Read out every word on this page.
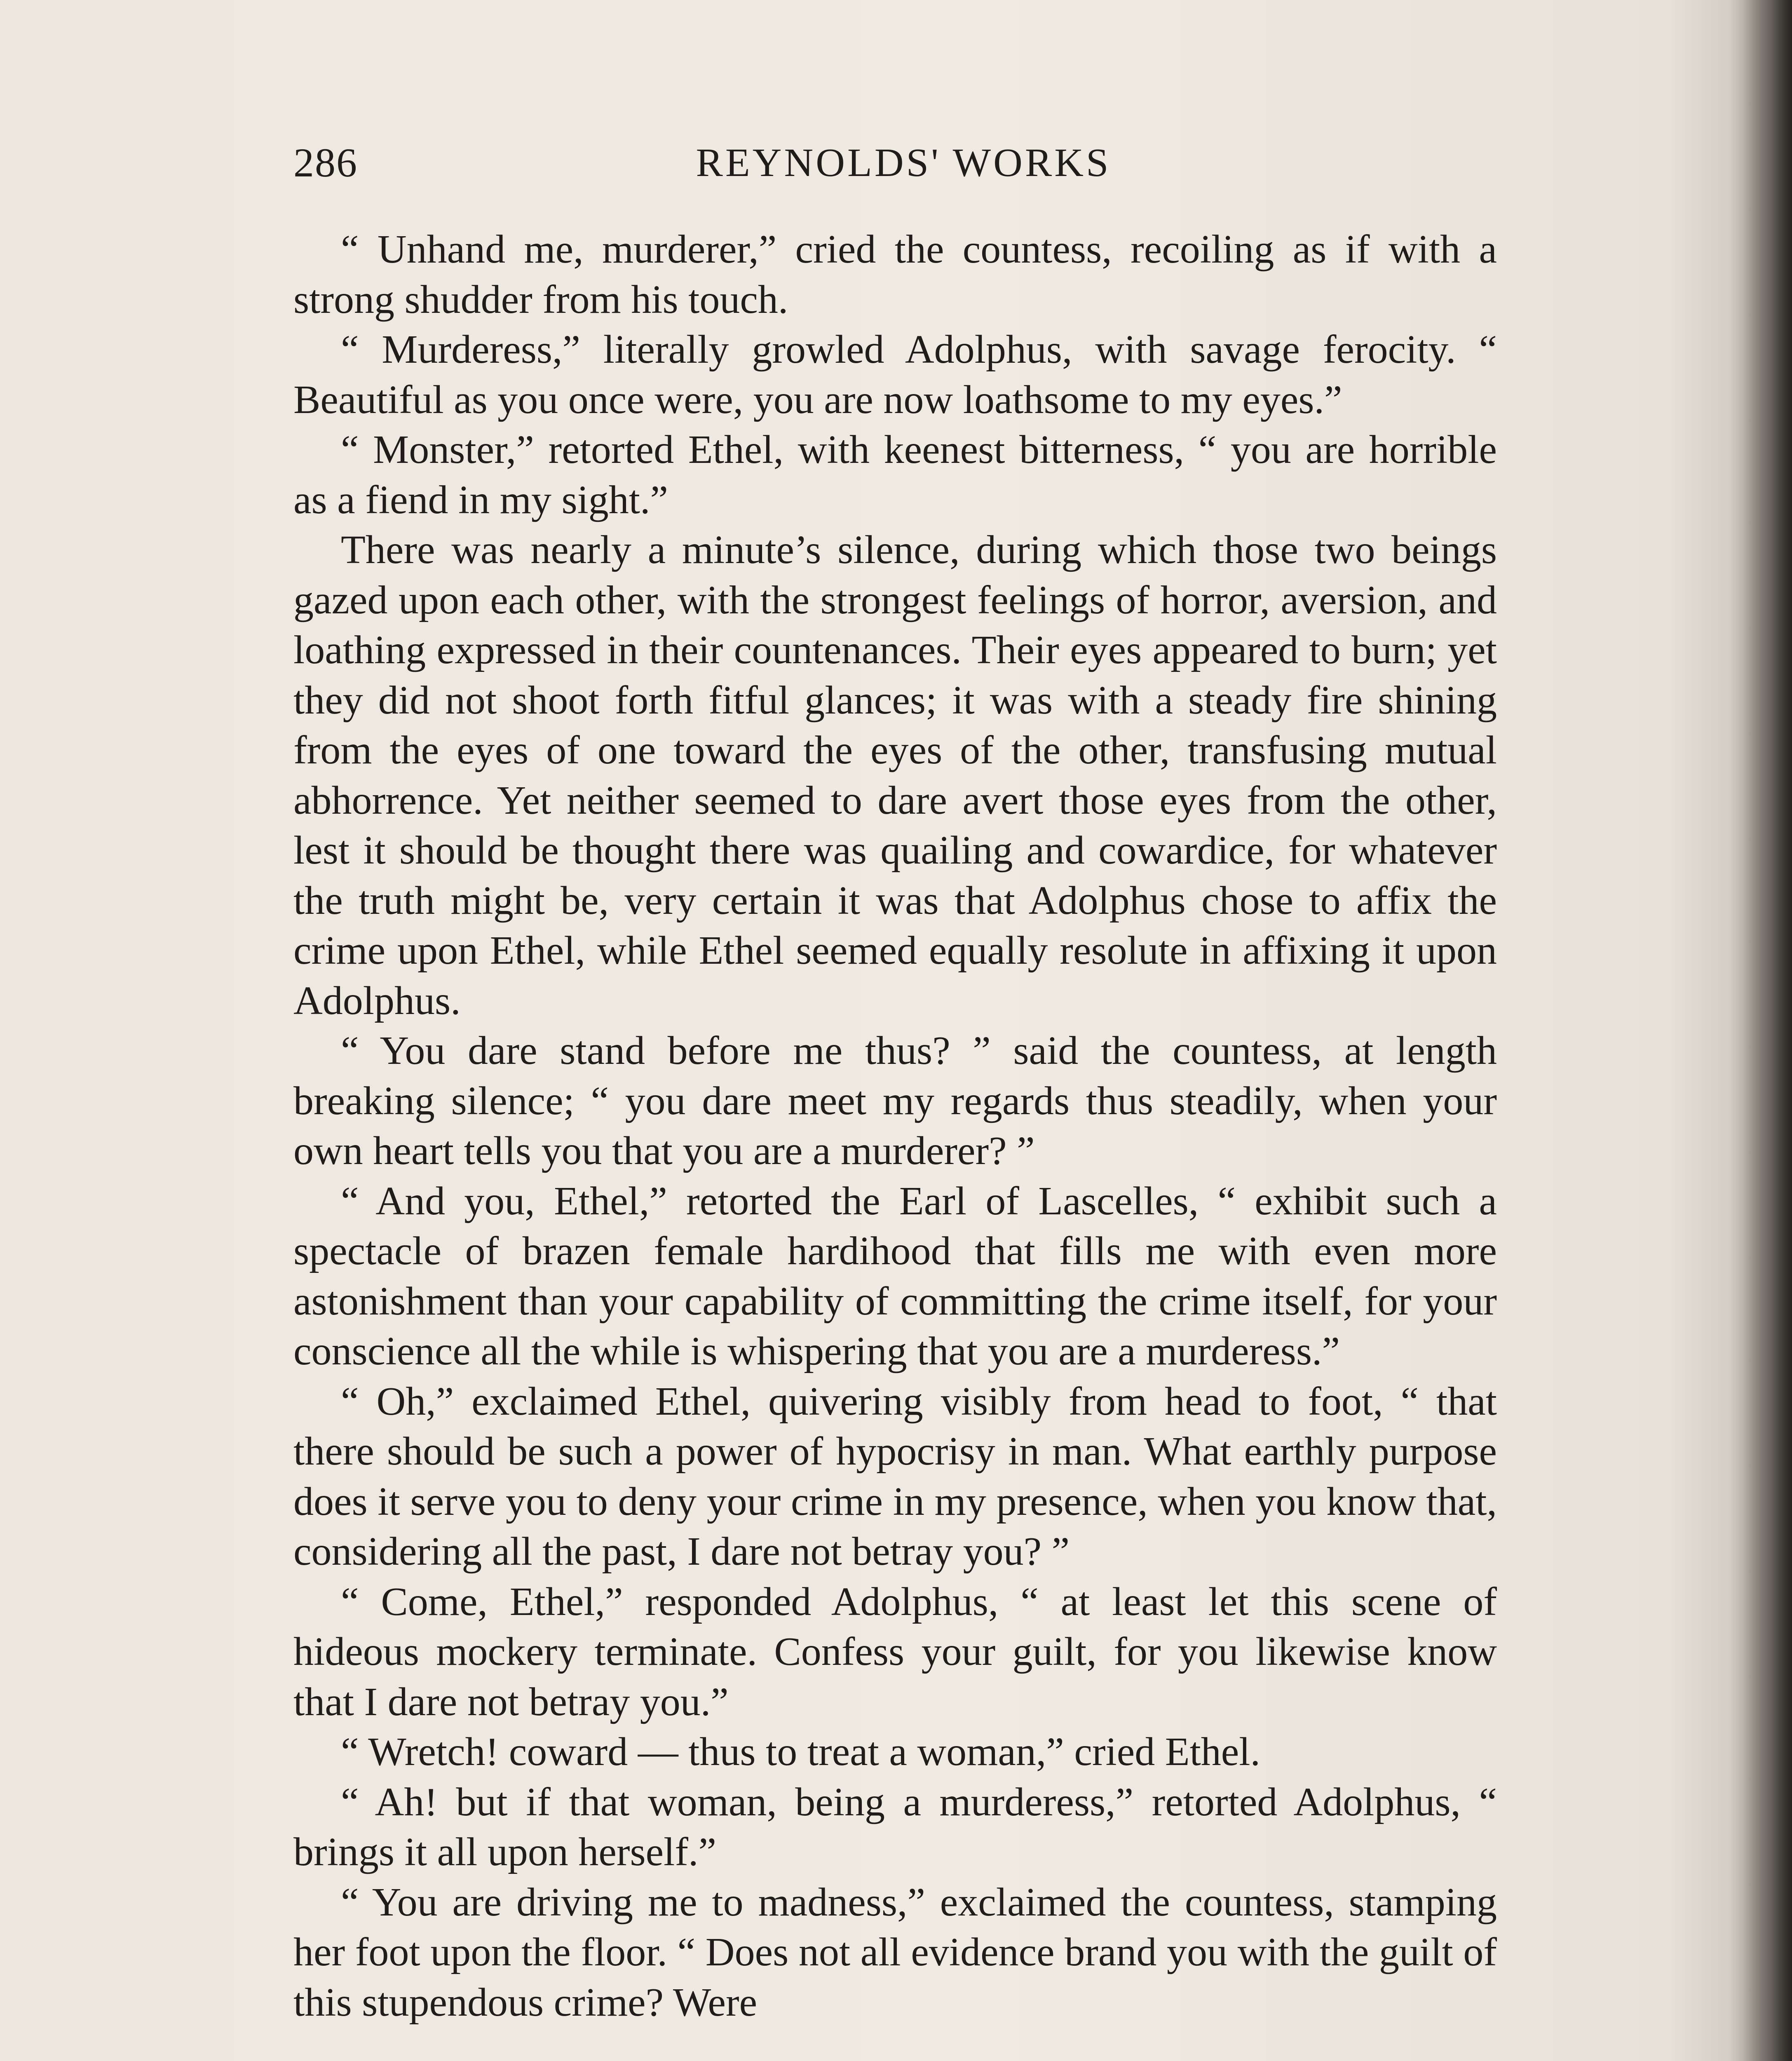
286	REYNOLDS' WORKS

“ Unhand me, murderer,” cried the countess, recoiling as if with a strong shudder from his touch.

“ Murderess,” literally growled Adolphus, with savage ferocity. “ Beautiful as you once were, you are now loathsome to my eyes.”

“ Monster,” retorted Ethel, with keenest bitterness, “ you are horrible as a fiend in my sight.”

There was nearly a minute’s silence, during which those two beings gazed upon each other, with the strongest feelings of horror, aversion, and loathing expressed in their countenances. Their eyes appeared to burn; yet they did not shoot forth fitful glances; it was with a steady fire shining from the eyes of one toward the eyes of the other, transfusing mutual abhorrence. Yet neither seemed to dare avert those eyes from the other, lest it should be thought there was quailing and cowardice, for whatever the truth might be, very certain it was that Adolphus chose to affix the crime upon Ethel, while Ethel seemed equally resolute in affixing it upon Adolphus.

“ You dare stand before me thus? ” said the countess, at length breaking silence; “ you dare meet my regards thus steadily, when your own heart tells you that you are a murderer? ”

“ And you, Ethel,” retorted the Earl of Lascelles, “ exhibit such a spectacle of brazen female hardihood that fills me with even more astonishment than your capability of committing the crime itself, for your conscience all the while is whispering that you are a murderess.”

“ Oh,” exclaimed Ethel, quivering visibly from head to foot, “ that there should be such a power of hypocrisy in man. What earthly purpose does it serve you to deny your crime in my presence, when you know that, considering all the past, I dare not betray you? ”

“ Come, Ethel,” responded Adolphus, “ at least let this scene of hideous mockery terminate. Confess your guilt, for you likewise know that I dare not betray you.”

“ Wretch! coward — thus to treat a woman,” cried Ethel.

“ Ah! but if that woman, being a murderess,” retorted Adolphus, “ brings it all upon herself.”

“ You are driving me to madness,” exclaimed the countess, stamping her foot upon the floor. “ Does not all evidence brand you with the guilt of this stupendous crime? Were
